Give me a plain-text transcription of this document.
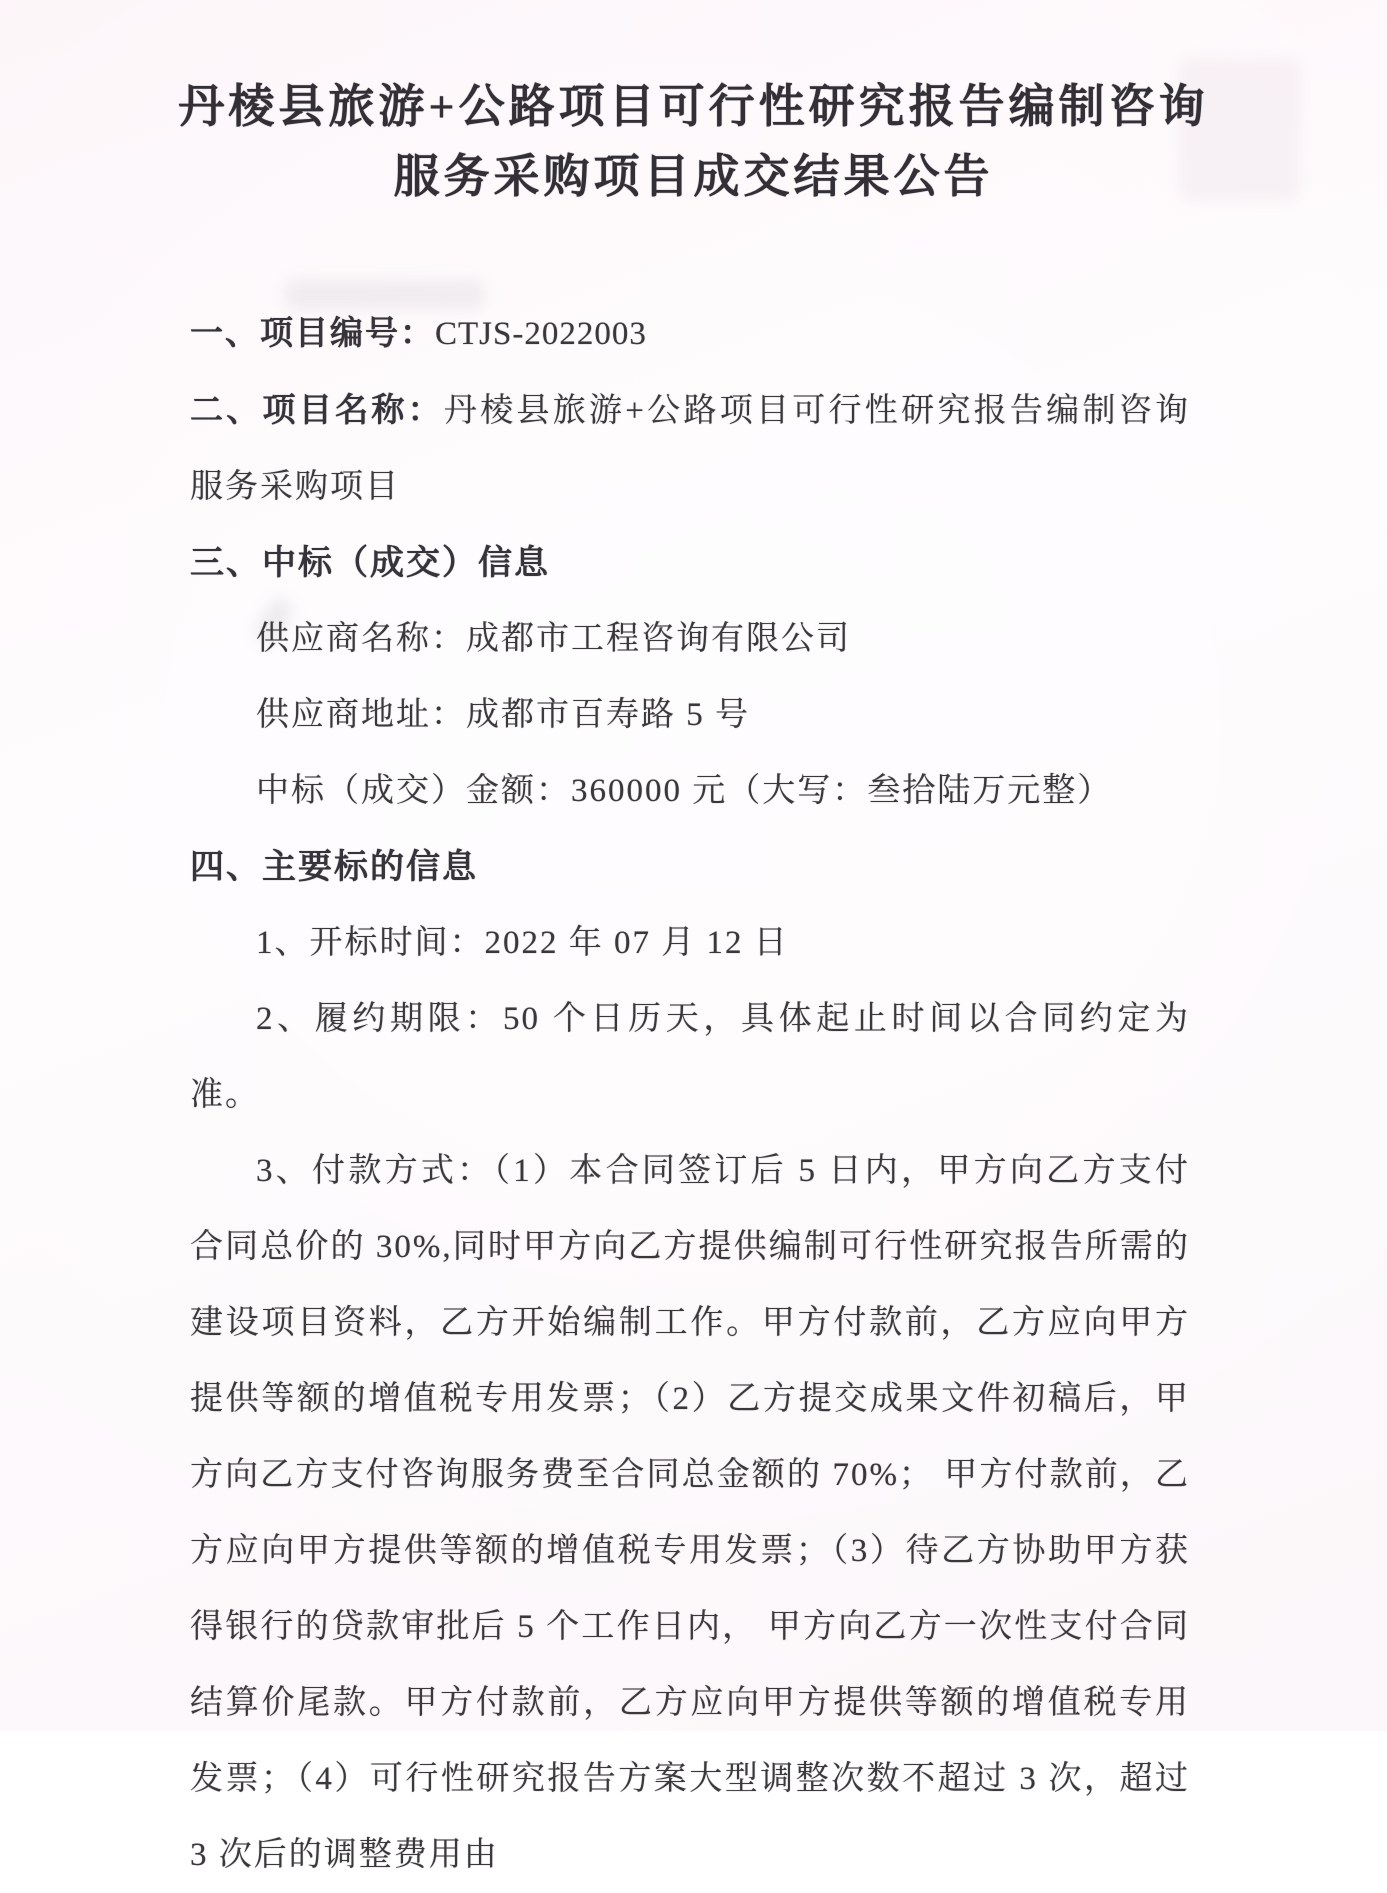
丹棱县旅游+公路项目可行性研究报告编制咨询
服务采购项目成交结果公告

一、项目编号：CTJS-2022003

二、项目名称：丹棱县旅游+公路项目可行性研究报告编制咨询服务采购项目

三、中标（成交）信息

供应商名称：成都市工程咨询有限公司

供应商地址：成都市百寿路 5 号

中标（成交）金额：360000 元（大写：叁拾陆万元整）

四、主要标的信息

1、开标时间：2022 年 07 月 12 日

2、履约期限：50 个日历天，具体起止时间以合同约定为准。

3、付款方式：（1）本合同签订后 5 日内，甲方向乙方支付合同总价的 30%,同时甲方向乙方提供编制可行性研究报告所需的建设项目资料，乙方开始编制工作。甲方付款前，乙方应向甲方提供等额的增值税专用发票；（2）乙方提交成果文件初稿后，甲方向乙方支付咨询服务费至合同总金额的 70%； 甲方付款前，乙方应向甲方提供等额的增值税专用发票；（3）待乙方协助甲方获得银行的贷款审批后 5 个工作日内， 甲方向乙方一次性支付合同结算价尾款。甲方付款前，乙方应向甲方提供等额的增值税专用发票；（4）可行性研究报告方案大型调整次数不超过 3 次，超过 3 次后的调整费用由
